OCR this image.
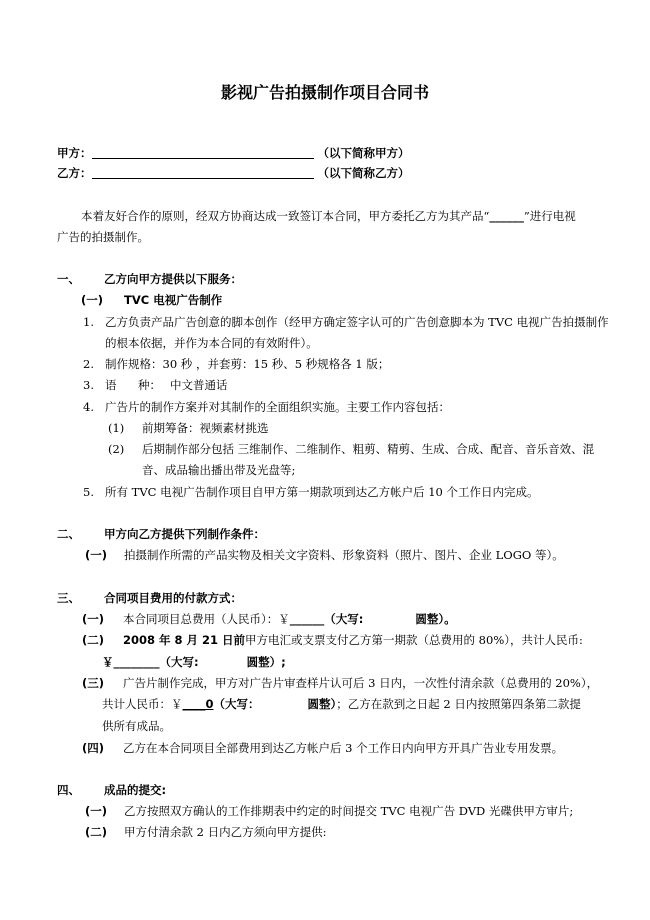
影视广告拍摄制作项目合同书
甲方：	（以下简称甲方）
乙方：	（以下简称乙方）
本着友好合作的原则，经双方协商达成一致签订本合同，甲方委托乙方为其产品“______”进行电视
广告的拍摄制作。
一、 乙方向甲方提供以下服务：
(一) TVC 电视广告制作
1. 乙方负责产品广告创意的脚本创作（经甲方确定签字认可的广告创意脚本为 TVC 电视广告拍摄制作
的根本依据，并作为本合同的有效附件）。
2. 制作规格：30 秒 ，并套剪：15 秒、5 秒规格各 1 版；
3. 语 种： 中文普通话
4. 广告片的制作方案并对其制作的全面组织实施。主要工作内容包括：
(1) 前期筹备：视频素材挑选
(2) 后期制作部分包括 三维制作、二维制作、粗剪、精剪、生成、合成、配音、音乐音效、混
音、成品输出播出带及光盘等;
5. 所有 TVC 电视广告制作项目自甲方第一期款项到达乙方帐户后 10 个工作日内完成。
二、 甲方向乙方提供下列制作条件：
(一) 拍摄制作所需的产品实物及相关文字资料、形象资料（照片、图片、企业 LOGO 等）。
三、 合同项目费用的付款方式：
(一) 本合同项目总费用（人民币）：￥______（大写:	圆整）。
(二) 2008 年 8 月 21 日前甲方电汇或支票支付乙方第一期款（总费用的 80%），共计人民币:
￥________（大写:	圆整）;
(三) 广告片制作完成，甲方对广告片审查样片认可后 3 日内，一次性付清余款（总费用的 20%），
共计人民币：￥____0（大写：	圆整）；乙方在款到之日起 2 日内按照第四条第二款提
供所有成品。
(四) 乙方在本合同项目全部费用到达乙方帐户后 3 个工作日内向甲方开具广告业专用发票。
四、 成品的提交:
(一) 乙方按照双方确认的工作排期表中约定的时间提交 TVC 电视广告 DVD 光碟供甲方审片;
(二) 甲方付清余款 2 日内乙方须向甲方提供:
